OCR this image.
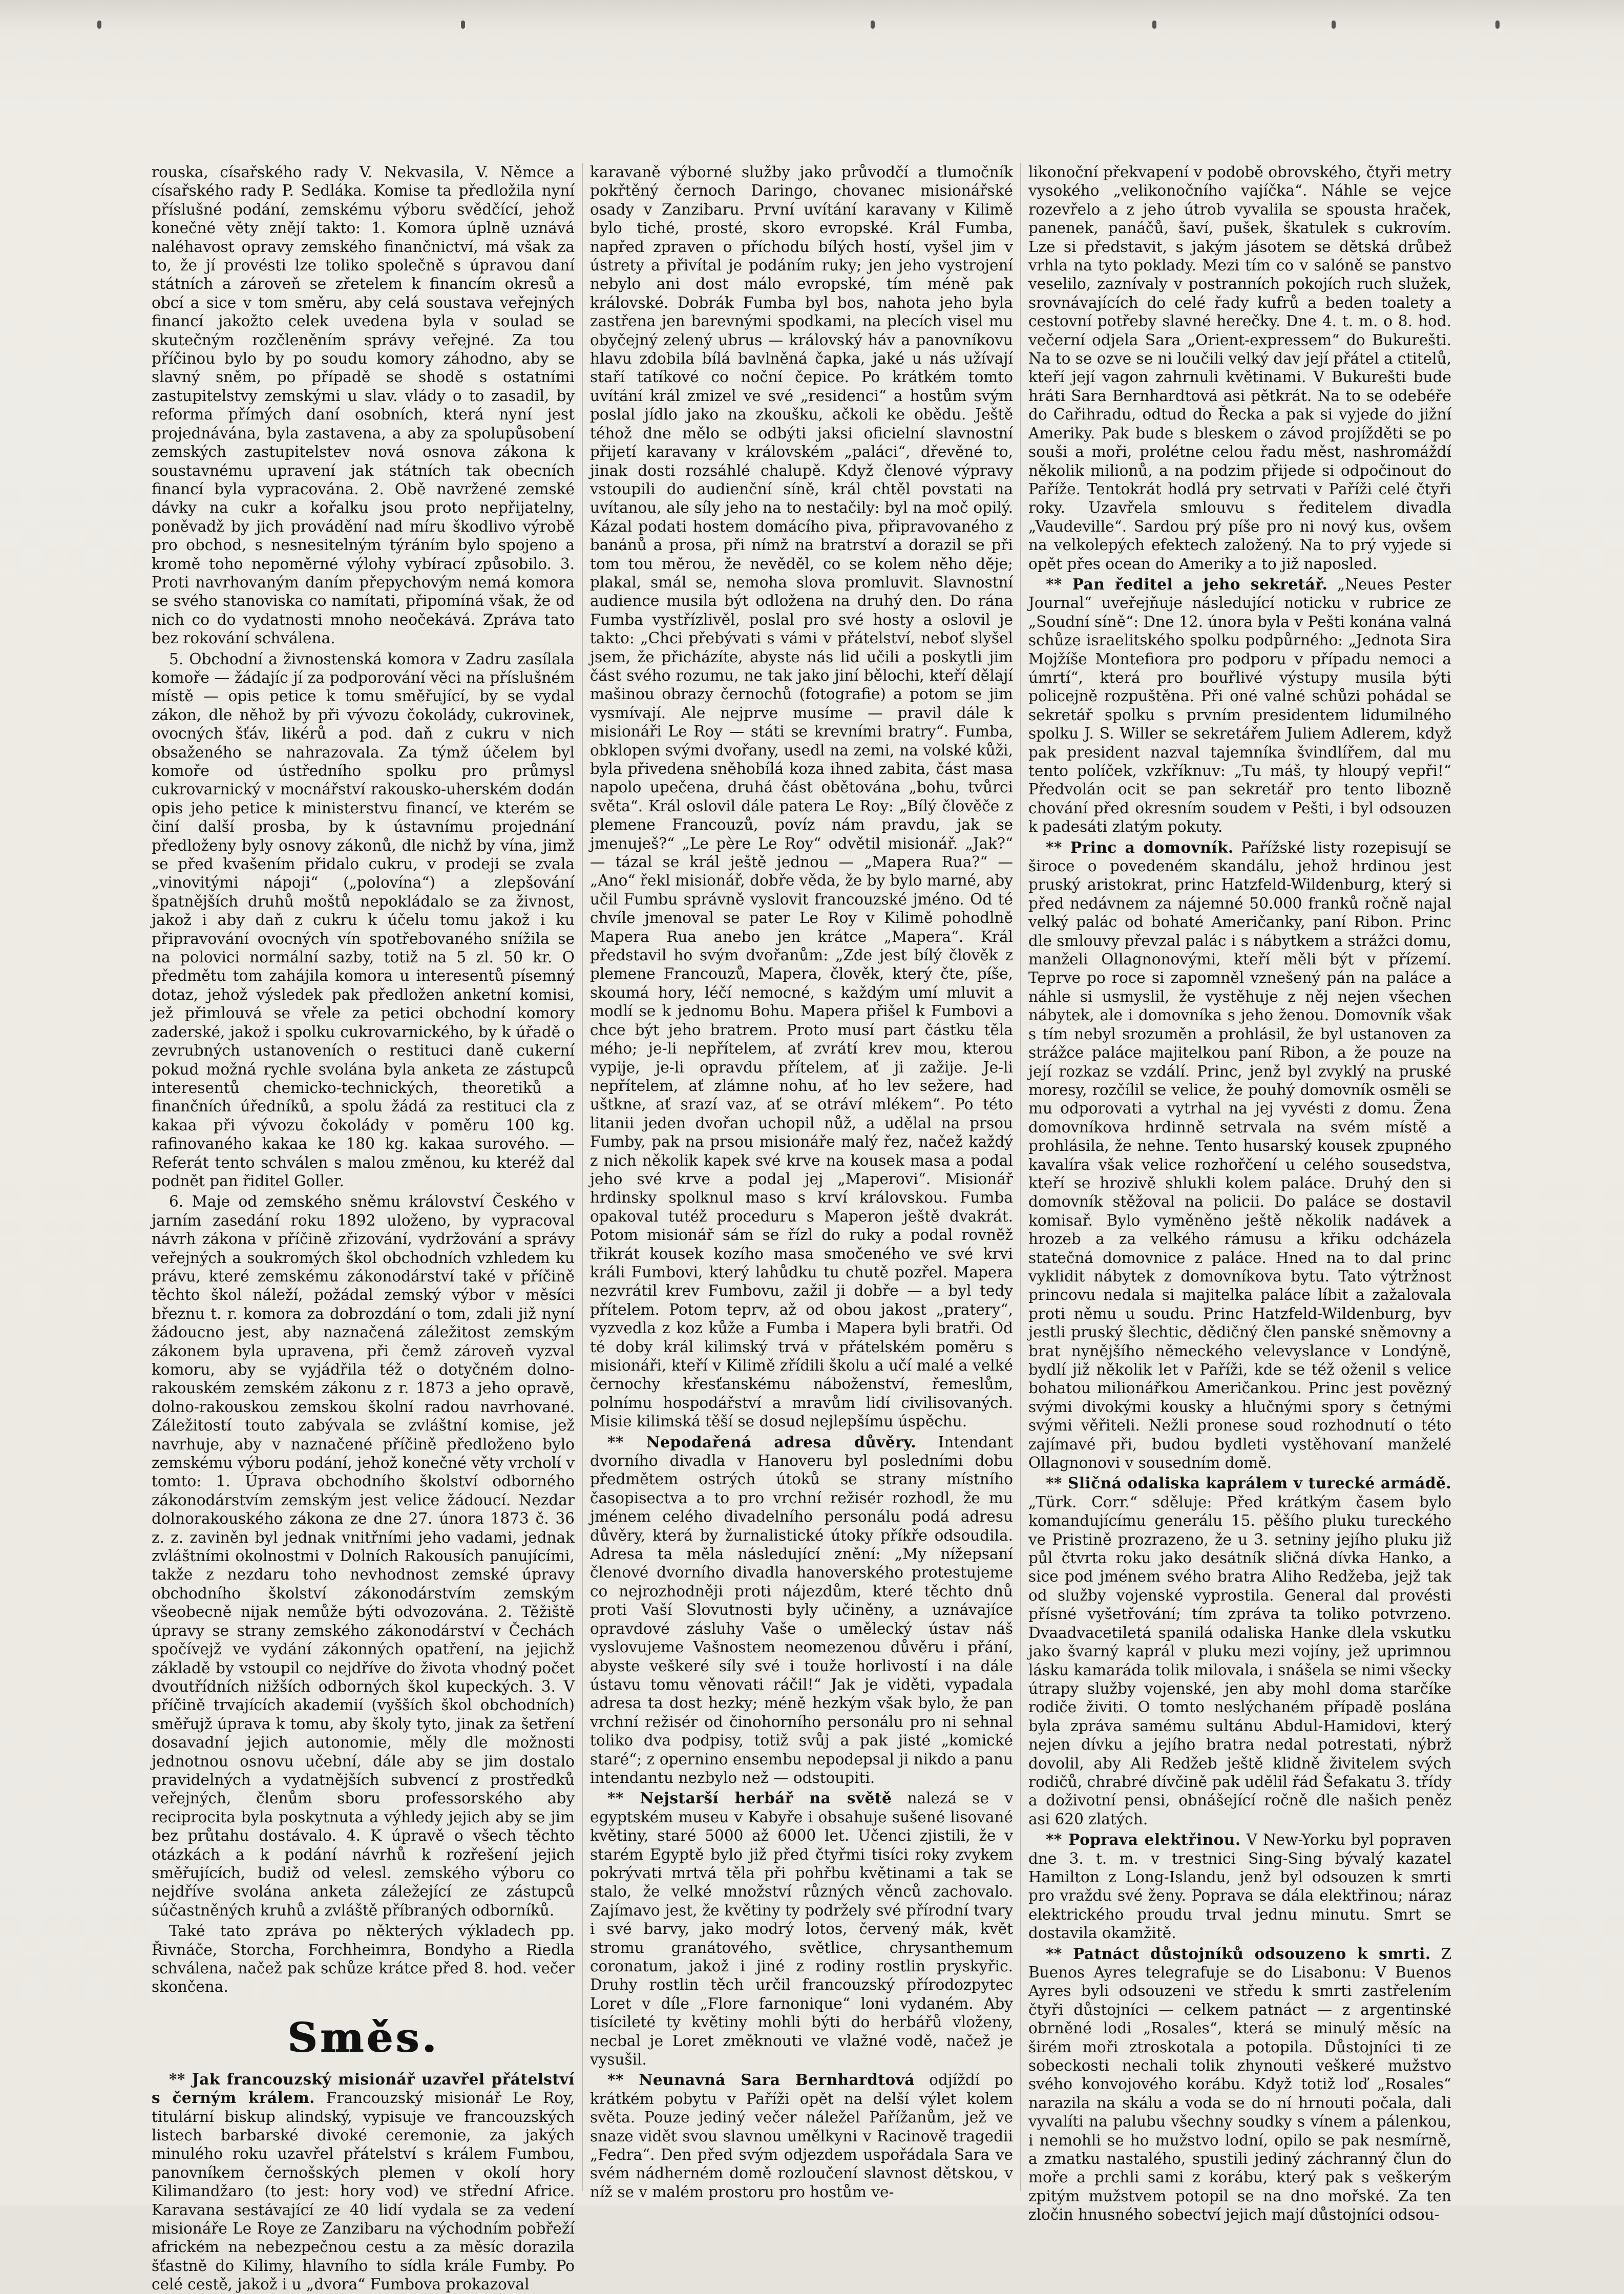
rouska, císařského rady V. Nekvasila, V. Němce a císařského rady P. Sedláka. Komise ta předložila nyní příslušné podání, zemskému výboru svědčící, jehož konečné věty znějí takto: 1. Komora úplně uznává naléhavost opravy zemského finančnictví, má však za to, že jí provésti lze toliko společně s úpravou daní státních a zároveň se zřetelem k financím okresů a obcí a sice v tom směru, aby celá soustava veřejných financí jakožto celek uvedena byla v soulad se skutečným rozčleněním správy veřejné. Za tou příčinou bylo by po soudu komory záhodno, aby se slavný sněm, po případě se shodě s ostatními zastupitelstvy zemskými u slav. vlády o to zasadil, by reforma přímých daní osobních, která nyní jest projednávána, byla zastavena, a aby za spolupůsobení zemských zastupitelstev nová osnova zákona k soustavnému upravení jak státních tak obecních financí byla vypracována. 2. Obě navržené zemské dávky na cukr a kořalku jsou proto nepřijatelny, poněvadž by jich provádění nad míru škodlivo výrobě pro obchod, s nesnesitelným týráním bylo spojeno a kromě toho nepoměrné výlohy vybírací způsobilo. 3. Proti navrhovaným daním přepychovým nemá komora se svého stanoviska co namítati, připomíná však, že od nich co do vydatnosti mnoho neočekává. Zpráva tato bez rokování schválena.

5. Obchodní a živnostenská komora v Zadru zasílala komoře — žádajíc jí za podporování věci na příslušném místě — opis petice k tomu směřující, by se vydal zákon, dle něhož by při vývozu čokolády, cukrovinek, ovocných šťáv, likérů a pod. daň z cukru v nich obsaženého se nahrazovala. Za týmž účelem byl komoře od ústředního spolku pro průmysl cukrovarnický v mocnářství rakousko-uherském dodán opis jeho petice k ministerstvu financí, ve kterém se činí další prosba, by k ústavnímu projednání předloženy byly osnovy zákonů, dle nichž by vína, jimž se před kvašením přidalo cukru, v prodeji se zvala „vinovitými nápoji“ („polovína“) a zlepšování špatnějších druhů moštů nepokládalo se za živnost, jakož i aby daň z cukru k účelu tomu jakož i ku připravování ovocných vín spotřebovaného snížila se na polovici normální sazby, totiž na 5 zl. 50 kr. O předmětu tom zahájila komora u interesentů písemný dotaz, jehož výsledek pak předložen anketní komisi, jež přimlouvá se vřele za petici obchodní komory zaderské, jakož i spolku cukrovarnického, by k úřadě o zevrubných ustanoveních o restituci daně cukerní pokud možná rychle svolána byla anketa ze zástupců interesentů chemicko-technických, theoretiků a finančních úředníků, a spolu žádá za restituci cla z kakaa při vývozu čokolády v poměru 100 kg. rafinovaného kakaa ke 180 kg. kakaa surového. — Referát tento schválen s malou změnou, ku kteréž dal podnět pan řiditel Goller.

6. Maje od zemského sněmu království Českého v jarním zasedání roku 1892 uloženo, by vypracoval návrh zákona v příčině zřizování, vydržování a správy veřejných a soukromých škol obchodních vzhledem ku právu, které zemskému zákonodárství také v příčině těchto škol náleží, požádal zemský výbor v měsíci březnu t. r. komora za dobrozdání o tom, zdali již nyní žádoucno jest, aby naznačená záležitost zemským zákonem byla upravena, při čemž zároveň vyzval komoru, aby se vyjádřila též o dotyčném dolno-rakouském zemském zákonu z r. 1873 a jeho opravě, dolno-rakouskou zemskou školní radou navrhované. Záležitostí touto zabývala se zvláštní komise, jež navrhuje, aby v naznačené příčině předloženo bylo zemskému výboru podání, jehož konečné věty vrcholí v tomto: 1. Úprava obchodního školství odborného zákonodárstvím zemským jest velice žádoucí. Nezdar dolnorakouského zákona ze dne 27. února 1873 č. 36 z. z. zaviněn byl jednak vnitřními jeho vadami, jednak zvláštními okolnostmi v Dolních Rakousích panujícími, takže z nezdaru toho nevhodnost zemské úpravy obchodního školství zákonodárstvím zemským všeobecně nijak nemůže býti odvozována. 2. Těžiště úpravy se strany zemského zákonodárství v Čechách spočívejž ve vydání zákonných opatření, na jejichž základě by vstoupil co nejdříve do života vhodný počet dvoutřídních nižších odborných škol kupeckých. 3. V příčině trvajících akademií (vyšších škol obchodních) směřujž úprava k tomu, aby školy tyto, jinak za šetření dosavadní jejich autonomie, měly dle možnosti jednotnou osnovu učební, dále aby se jim dostalo pravidelných a vydatnějších subvencí z prostředků veřejných, členům sboru professorského aby reciprocita byla poskytnuta a výhledy jejich aby se jim bez průtahu dostávalo. 4. K úpravě o všech těchto otázkách a k podání návrhů k rozřešení jejich směřujících, budiž od velesl. zemského výboru co nejdříve svolána anketa záležející ze zástupců súčastněných kruhů a zvláště příbraných odborníků.

Také tato zpráva po některých výkladech pp. Řivnáče, Storcha, Forchheimra, Bondyho a Riedla schválena, načež pak schůze krátce před 8. hod. večer skončena.

Směs.

** Jak francouzský misionář uzavřel přátelství s černým králem. Francouzský misionář Le Roy, titulární biskup alindský, vypisuje ve francouzských listech barbarské divoké ceremonie, za jakých minulého roku uzavřel přátelství s králem Fumbou, panovníkem černošských plemen v okolí hory Kilimandžaro (to jest: hory vod) ve střední Africe. Karavana sestávající ze 40 lidí vydala se za vedení misionáře Le Roye ze Zanzibaru na východním pobřeží africkém na nebezpečnou cestu a za měsíc dorazila šťastně do Kilimy, hlavního to sídla krále Fumby. Po celé cestě, jakož i u „dvora“ Fumbova prokazoval

karavaně výborné služby jako průvodčí a tlumočník pokřtěný černoch Daringo, chovanec misionářské osady v Zanzibaru. První uvítání karavany v Kilimě bylo tiché, prosté, skoro evropské. Král Fumba, napřed zpraven o příchodu bílých hostí, vyšel jim v ústrety a přivítal je podáním ruky; jen jeho vystrojení nebylo ani dost málo evropské, tím méně pak královské. Dobrák Fumba byl bos, nahota jeho byla zastřena jen barevnými spodkami, na plecích visel mu obyčejný zelený ubrus — královský háv a panovníkovu hlavu zdobila bílá bavlněná čapka, jaké u nás užívají staří tatíkové co noční čepice. Po krátkém tomto uvítání král zmizel ve své „residenci“ a hostům svým poslal jídlo jako na zkoušku, ačkoli ke obědu. Ještě téhož dne mělo se odbýti jaksi oficielní slavnostní přijetí karavany v královském „paláci“, dřevěné to, jinak dosti rozsáhlé chalupě. Když členové výpravy vstoupili do audienční síně, král chtěl povstati na uvítanou, ale síly jeho na to nestačily: byl na moč opilý. Kázal podati hostem domácího piva, připravovaného z banánů a prosa, při nímž na bratrství a dorazil se při tom tou měrou, že nevěděl, co se kolem něho děje; plakal, smál se, nemoha slova promluvit. Slavnostní audience musila být odložena na druhý den. Do rána Fumba vystřízlivěl, poslal pro své hosty a oslovil je takto: „Chci přebývati s vámi v přátelství, neboť slyšel jsem, že přicházíte, abyste nás lid učili a poskytli jim část svého rozumu, ne tak jako jiní bělochi, kteří dělají mašinou obrazy černochů (fotografie) a potom se jim vysmívají. Ale nejprve musíme — pravil dále k misionáři Le Roy — státi se krevními bratry“. Fumba, obklopen svými dvořany, usedl na zemi, na volské kůži, byla přivedena sněhobílá koza ihned zabita, část masa napolo upečena, druhá část obětována „bohu, tvůrci světa“. Král oslovil dále patera Le Roy: „Bílý člověče z plemene Francouzů, povíz nám pravdu, jak se jmenuješ?“ „Le père Le Roy“ odvětil misionář. „Jak?“ — tázal se král ještě jednou — „Mapera Rua?“ — „Ano“ řekl misionář, dobře věda, že by bylo marné, aby učil Fumbu správně vyslovit francouzské jméno. Od té chvíle jmenoval se pater Le Roy v Kilimě pohodlně Mapera Rua anebo jen krátce „Mapera“. Král představil ho svým dvořanům: „Zde jest bílý člověk z plemene Francouzů, Mapera, člověk, který čte, píše, skoumá hory, léčí nemocné, s každým umí mluvit a modlí se k jednomu Bohu. Mapera přišel k Fumbovi a chce být jeho bratrem. Proto musí part částku těla mého; je-li nepřítelem, ať zvrátí krev mou, kterou vypije, je-li opravdu přítelem, ať ji zažije. Je-li nepřítelem, ať zlámne nohu, ať ho lev sežere, had uštkne, ať srazí vaz, ať se otráví mlékem“. Po této litanii jeden dvořan uchopil nůž, a udělal na prsou Fumby, pak na prsou misionáře malý řez, načež každý z nich několik kapek své krve na kousek masa a podal jeho své krve a podal jej „Maperovi“. Misionář hrdinsky spolknul maso s krví královskou. Fumba opakoval tutéž proceduru s Maperon ještě dvakrát. Potom misionář sám se řízl do ruky a podal rovněž třikrát kousek kozího masa smočeného ve své krvi králi Fumbovi, který lahůdku tu chutě pozřel. Mapera nezvrátil krev Fumbovu, zažil ji dobře — a byl tedy přítelem. Potom teprv, až od obou jakost „pratery“, vyzvedla z koz kůže a Fumba i Mapera byli bratři. Od té doby král kilimský trvá v přátelském poměru s misionáři, kteří v Kilimě zřídili školu a učí malé a velké černochy křesťanskému náboženství, řemeslům, polnímu hospodářství a mravům lidí civilisovaných. Misie kilimská těší se dosud nejlepšímu úspěchu.

** Nepodařená adresa důvěry. Intendant dvorního divadla v Hanoveru byl posledními dobu předmětem ostrých útoků se strany místního časopisectva a to pro vrchní režisér rozhodl, že mu jménem celého divadelního personálu podá adresu důvěry, která by žurnalistické útoky příkře odsoudila. Adresa ta měla následující znění: „My nížepsaní členové dvorního divadla hanoverského protestujeme co nejrozhodněji proti nájezdům, které těchto dnů proti Vaší Slovutnosti byly učiněny, a uznávajíce opravdové zásluhy Vaše o umělecký ústav náš vyslovujeme Vašnostem neomezenou důvěru i přání, abyste veškeré síly své i touže horlivostí i na dále ústavu tomu věnovati ráčil!“ Jak je viděti, vypadala adresa ta dost hezky; méně hezkým však bylo, že pan vrchní režisér od činohorního personálu pro ni sehnal toliko dva podpisy, totiž svůj a pak jisté „komické staré“; z opernino ensembu nepodepsal ji nikdo a panu intendantu nezbylo než — odstoupiti.

** Nejstarší herbář na světě nalezá se v egyptském museu v Kabyře i obsahuje sušené lisované květiny, staré 5000 až 6000 let. Učenci zjistili, že v starém Egyptě bylo již před čtyřmi tisíci roky zvykem pokrývati mrtvá těla při pohřbu květinami a tak se stalo, že velké množství různých věnců zachovalo. Zajímavo jest, že květiny ty podržely své přírodní tvary i své barvy, jako modrý lotos, červený mák, květ stromu granátového, světlice, chrysanthemum coronatum, jakož i jiné z rodiny rostlin pryskyřic. Druhy rostlin těch určil francouzský přírodozpytec Loret v díle „Flore farnonique“ loni vydaném. Aby tisícileté ty květiny mohli býti do herbářů vloženy, necbal je Loret změknouti ve vlažné vodě, načež je vysušil.

** Neunavná Sara Bernhardtová odjíždí po krátkém pobytu v Paříži opět na delší výlet kolem světa. Pouze jediný večer náležel Pařížanům, jež ve snaze vidět svou slavnou umělkyni v Racinově tragedii „Fedra“. Den před svým odjezdem uspořádala Sara ve svém nádherném domě rozloučení slavnost dětskou, v níž se v malém prostoru pro hostům ve-

likonoční překvapení v podobě obrovského, čtyři metry vysokého „velikonočního vajíčka“. Náhle se vejce rozevřelo a z jeho útrob vyvalila se spousta hraček, panenek, panáčů, šaví, pušek, škatulek s cukrovím. Lze si představit, s jakým jásotem se dětská drůbež vrhla na tyto poklady. Mezi tím co v salóně se panstvo veselilo, zaznívaly v postranních pokojích ruch služek, srovnávajících do celé řady kufrů a beden toalety a cestovní potřeby slavné herečky. Dne 4. t. m. o 8. hod. večerní odjela Sara „Orient-expressem“ do Bukurešti. Na to se ozve se ni loučili velký dav její přátel a ctitelů, kteří její vagon zahrnuli květinami. V Bukurešti bude hráti Sara Bernhardtová asi pětkrát. Na to se odebéře do Cařihradu, odtud do Řecka a pak si vyjede do jižní Ameriky. Pak bude s bleskem o závod projížděti se po souši a moři, prolétne celou řadu měst, nashromáždí několik milionů, a na podzim přijede si odpočinout do Paříže. Tentokrát hodlá pry setrvati v Paříži celé čtyři roky. Uzavřela smlouvu s ředitelem divadla „Vaudeville“. Sardou prý píše pro ni nový kus, ovšem na velkolepých efektech založený. Na to prý vyjede si opět přes ocean do Ameriky a to již naposled.

** Pan ředitel a jeho sekretář. „Neues Pester Journal“ uveřejňuje následující noticku v rubrice ze „Soudní síně“: Dne 12. února byla v Pešti konána valná schůze israelitského spolku podpůrného: „Jednota Sira Mojžíše Montefiora pro podporu v případu nemoci a úmrtí“, která pro bouřlivé výstupy musila býti policejně rozpuštěna. Při oné valné schůzi pohádal se sekretář spolku s prvním presidentem lidumilného spolku J. S. Willer se sekretářem Juliem Adlerem, když pak president nazval tajemníka švindlířem, dal mu tento políček, vzkříknuv: „Tu máš, ty hloupý vepři!“ Předvolán ocit se pan sekretář pro tento libozně chování před okresním soudem v Pešti, i byl odsouzen k padesáti zlatým pokuty.

** Princ a domovník. Pařížské listy rozepisují se široce o povedeném skandálu, jehož hrdinou jest pruský aristokrat, princ Hatzfeld-Wildenburg, který si před nedávnem za nájemné 50.000 franků ročně najal velký palác od bohaté Američanky, paní Ribon. Princ dle smlouvy převzal palác i s nábytkem a strážci domu, manželi Ollagnonovými, kteří měli být v přízemí. Teprve po roce si zapomněl vznešený pán na paláce a náhle si usmyslil, že vystěhuje z něj nejen všechen nábytek, ale i domovníka s jeho ženou. Domovník však s tím nebyl srozuměn a prohlásil, že byl ustanoven za strážce paláce majitelkou paní Ribon, a že pouze na její rozkaz se vzdálí. Princ, jenž byl zvyklý na pruské moresy, rozčílil se velice, že pouhý domovník osměli se mu odporovati a vytrhal na jej vyvésti z domu. Žena domovníkova hrdinně setrvala na svém místě a prohlásila, že nehne. Tento husarský kousek zpupného kavalíra však velice rozhořčení u celého sousedstva, kteří se hrozivě shlukli kolem paláce. Druhý den si domovník stěžoval na policii. Do paláce se dostavil komisař. Bylo vyměněno ještě několik nadávek a hrozeb a za velkého rámusu a křiku odcházela statečná domovnice z paláce. Hned na to dal princ vyklidit nábytek z domovníkova bytu. Tato výtržnost princovu nedala si majitelka paláce líbit a zažalovala proti němu u soudu. Princ Hatzfeld-Wildenburg, byv jestli pruský šlechtic, dědičný člen panské sněmovny a brat nynějšího německého velevyslance v Londýně, bydlí již několik let v Paříži, kde se též oženil s velice bohatou milionářkou Američankou. Princ jest povězný svými divokými kousky a hlučnými spory s četnými svými věřiteli. Nežli pronese soud rozhodnutí o této zajímavé při, budou bydleti vystěhovaní manželé Ollagnonovi v sousedním domě.

** Sličná odaliska kaprálem v turecké armádě. „Türk. Corr.“ sděluje: Před krátkým časem bylo komandujícímu generálu 15. pěšího pluku tureckého ve Pristině prozrazeno, že u 3. setniny jejího pluku již půl čtvrta roku jako desátník sličná dívka Hanko, a sice pod jménem svého bratra Aliho Redžeba, jejž tak od služby vojenské vyprostila. General dal provésti přísné vyšetřování; tím zpráva ta toliko potvrzeno. Dvaadvacetiletá spanilá odaliska Hanke dlela vskutku jako švarný kaprál v pluku mezi vojíny, jež uprimnou lásku kamaráda tolik milovala, i snášela se nimi všecky útrapy služby vojenské, jen aby mohl doma starčíke rodiče živiti. O tomto neslýchaném případě poslána byla zpráva samému sultánu Abdul-Hamidovi, který nejen dívku a jejího bratra nedal potrestati, nýbrž dovolil, aby Ali Redžeb ještě klidně živitelem svých rodičů, chrabré dívčině pak udělil řád Šefakatu 3. třídy a doživotní pensi, obnášející ročně dle našich peněz asi 620 zlatých.

** Poprava elektřinou. V New-Yorku byl popraven dne 3. t. m. v trestnici Sing-Sing bývalý kazatel Hamilton z Long-Islandu, jenž byl odsouzen k smrti pro vraždu své ženy. Poprava se dála elektřinou; náraz elektrického proudu trval jednu minutu. Smrt se dostavila okamžitě.

** Patnáct důstojníků odsouzeno k smrti. Z Buenos Ayres telegrafuje se do Lisabonu: V Buenos Ayres byli odsouzeni ve středu k smrti zastřelením čtyři důstojníci — celkem patnáct — z argentinské obrněné lodi „Rosales“, která se minulý měsíc na širém moři ztroskotala a potopila. Důstojníci ti ze sobeckosti nechali tolik zhynouti veškeré mužstvo svého konvojového korábu. Když totiž loď „Rosales“ narazila na skálu a voda se do ní hrnouti počala, dali vyvalíti na palubu všechny soudky s vínem a pálenkou, i nemohli se ho mužstvo lodní, opilo se pak nesmírně, a zmatku nastalého, spustili jediný záchranný člun do moře a prchli sami z korábu, který pak s veškerým zpitým mužstvem potopil se na dno mořské. Za ten zločin hnusného sobectví jejich mají důstojníci odsou-
